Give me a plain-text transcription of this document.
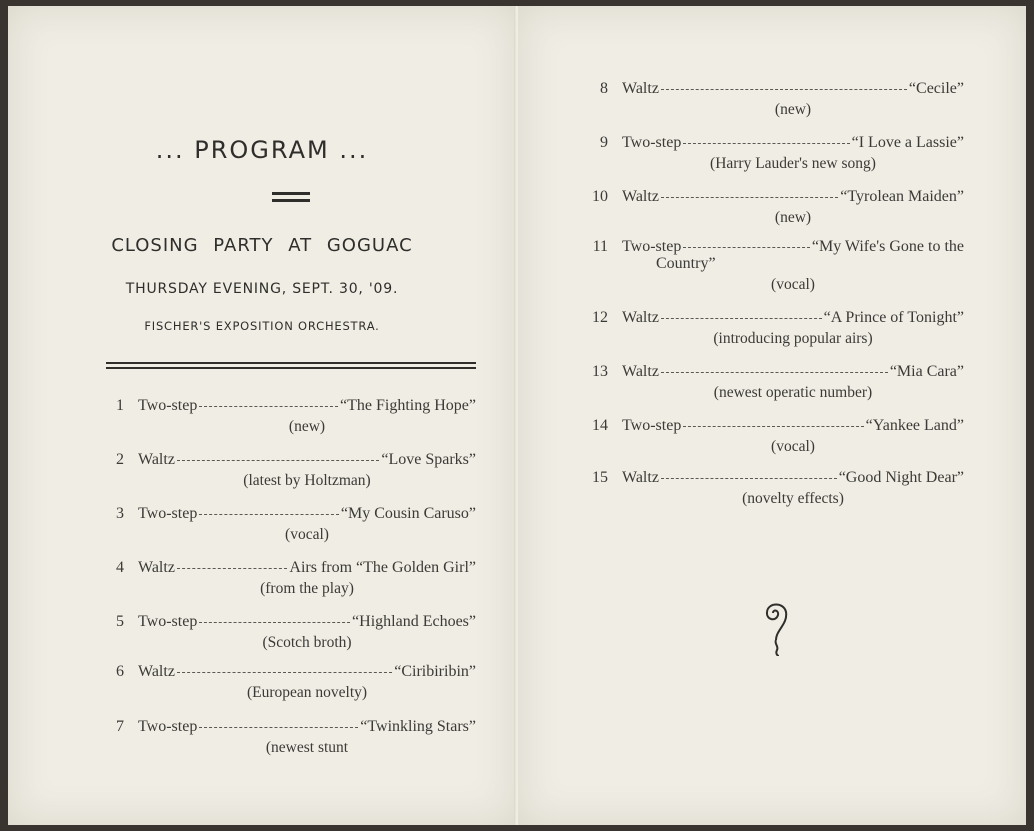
... PROGRAM ...
CLOSING PARTY AT GOGUAC
THURSDAY EVENING, SEPT. 30, '09.
FISCHER'S EXPOSITION ORCHESTRA.
1 Two-step	“The Fighting Hope”
(new)
2 Waltz	“Love Sparks”
(latest by Holtzman)
3 Two-step	“My Cousin Caruso”
(vocal)
4 Waltz	Airs from “The Golden Girl”
(from the play)
5 Two-step	“Highland Echoes”
(Scotch broth)
6 Waltz	“Ciribiribin”
(European novelty)
7 Two-step	“Twinkling Stars”
(newest stunt
8 Waltz	“Cecile”
(new)
9 Two-step	“I Love a Lassie”
(Harry Lauder's new song)
10 Waltz	“Tyrolean Maiden”
(new)
11 Two-step	“My Wife's Gone to the
Country”
(vocal)
12 Waltz	“A Prince of Tonight”
(introducing popular airs)
13 Waltz	“Mia Cara”
(newest operatic number)
14 Two-step	“Yankee Land”
(vocal)
15 Waltz	“Good Night Dear”
(novelty effects)
